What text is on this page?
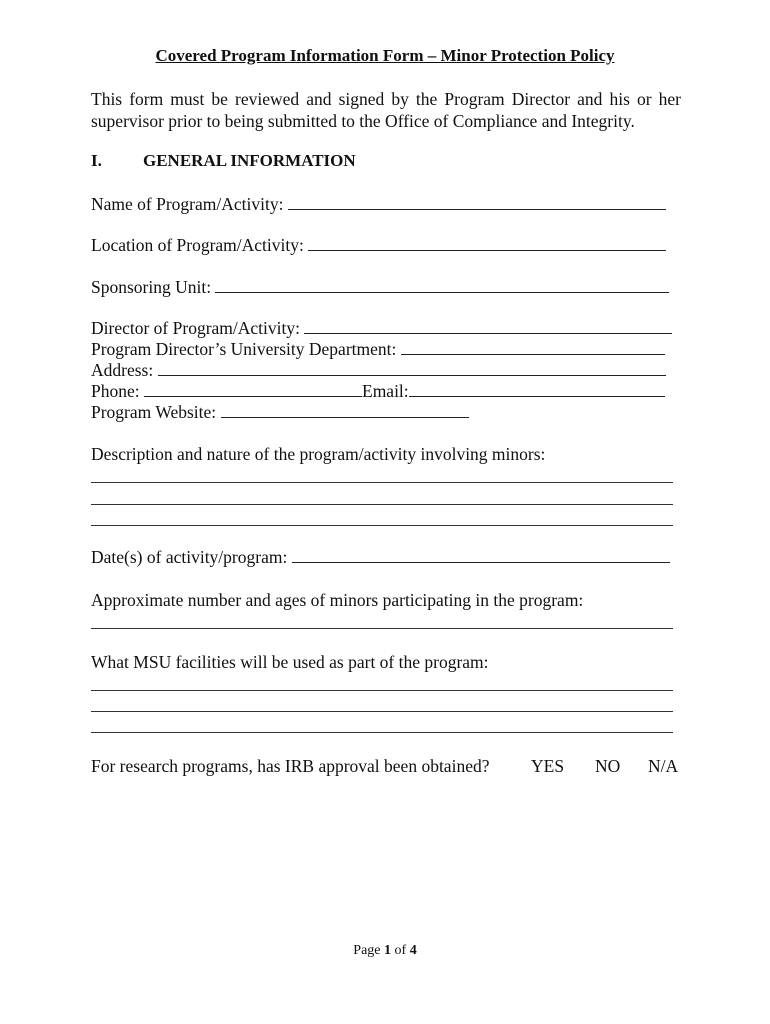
Covered Program Information Form – Minor Protection Policy
This form must be reviewed and signed by the Program Director and his or her supervisor prior to being submitted to the Office of Compliance and Integrity.
I. GENERAL INFORMATION
Name of Program/Activity:
Location of Program/Activity:
Sponsoring Unit:
Director of Program/Activity:
Program Director’s University Department:
Address:
Phone:	Email:
Program Website:
Description and nature of the program/activity involving minors:
Date(s) of activity/program:
Approximate number and ages of minors participating in the program:
What MSU facilities will be used as part of the program:
For research programs, has IRB approval been obtained? YES NO N/A
Page 1 of 4
